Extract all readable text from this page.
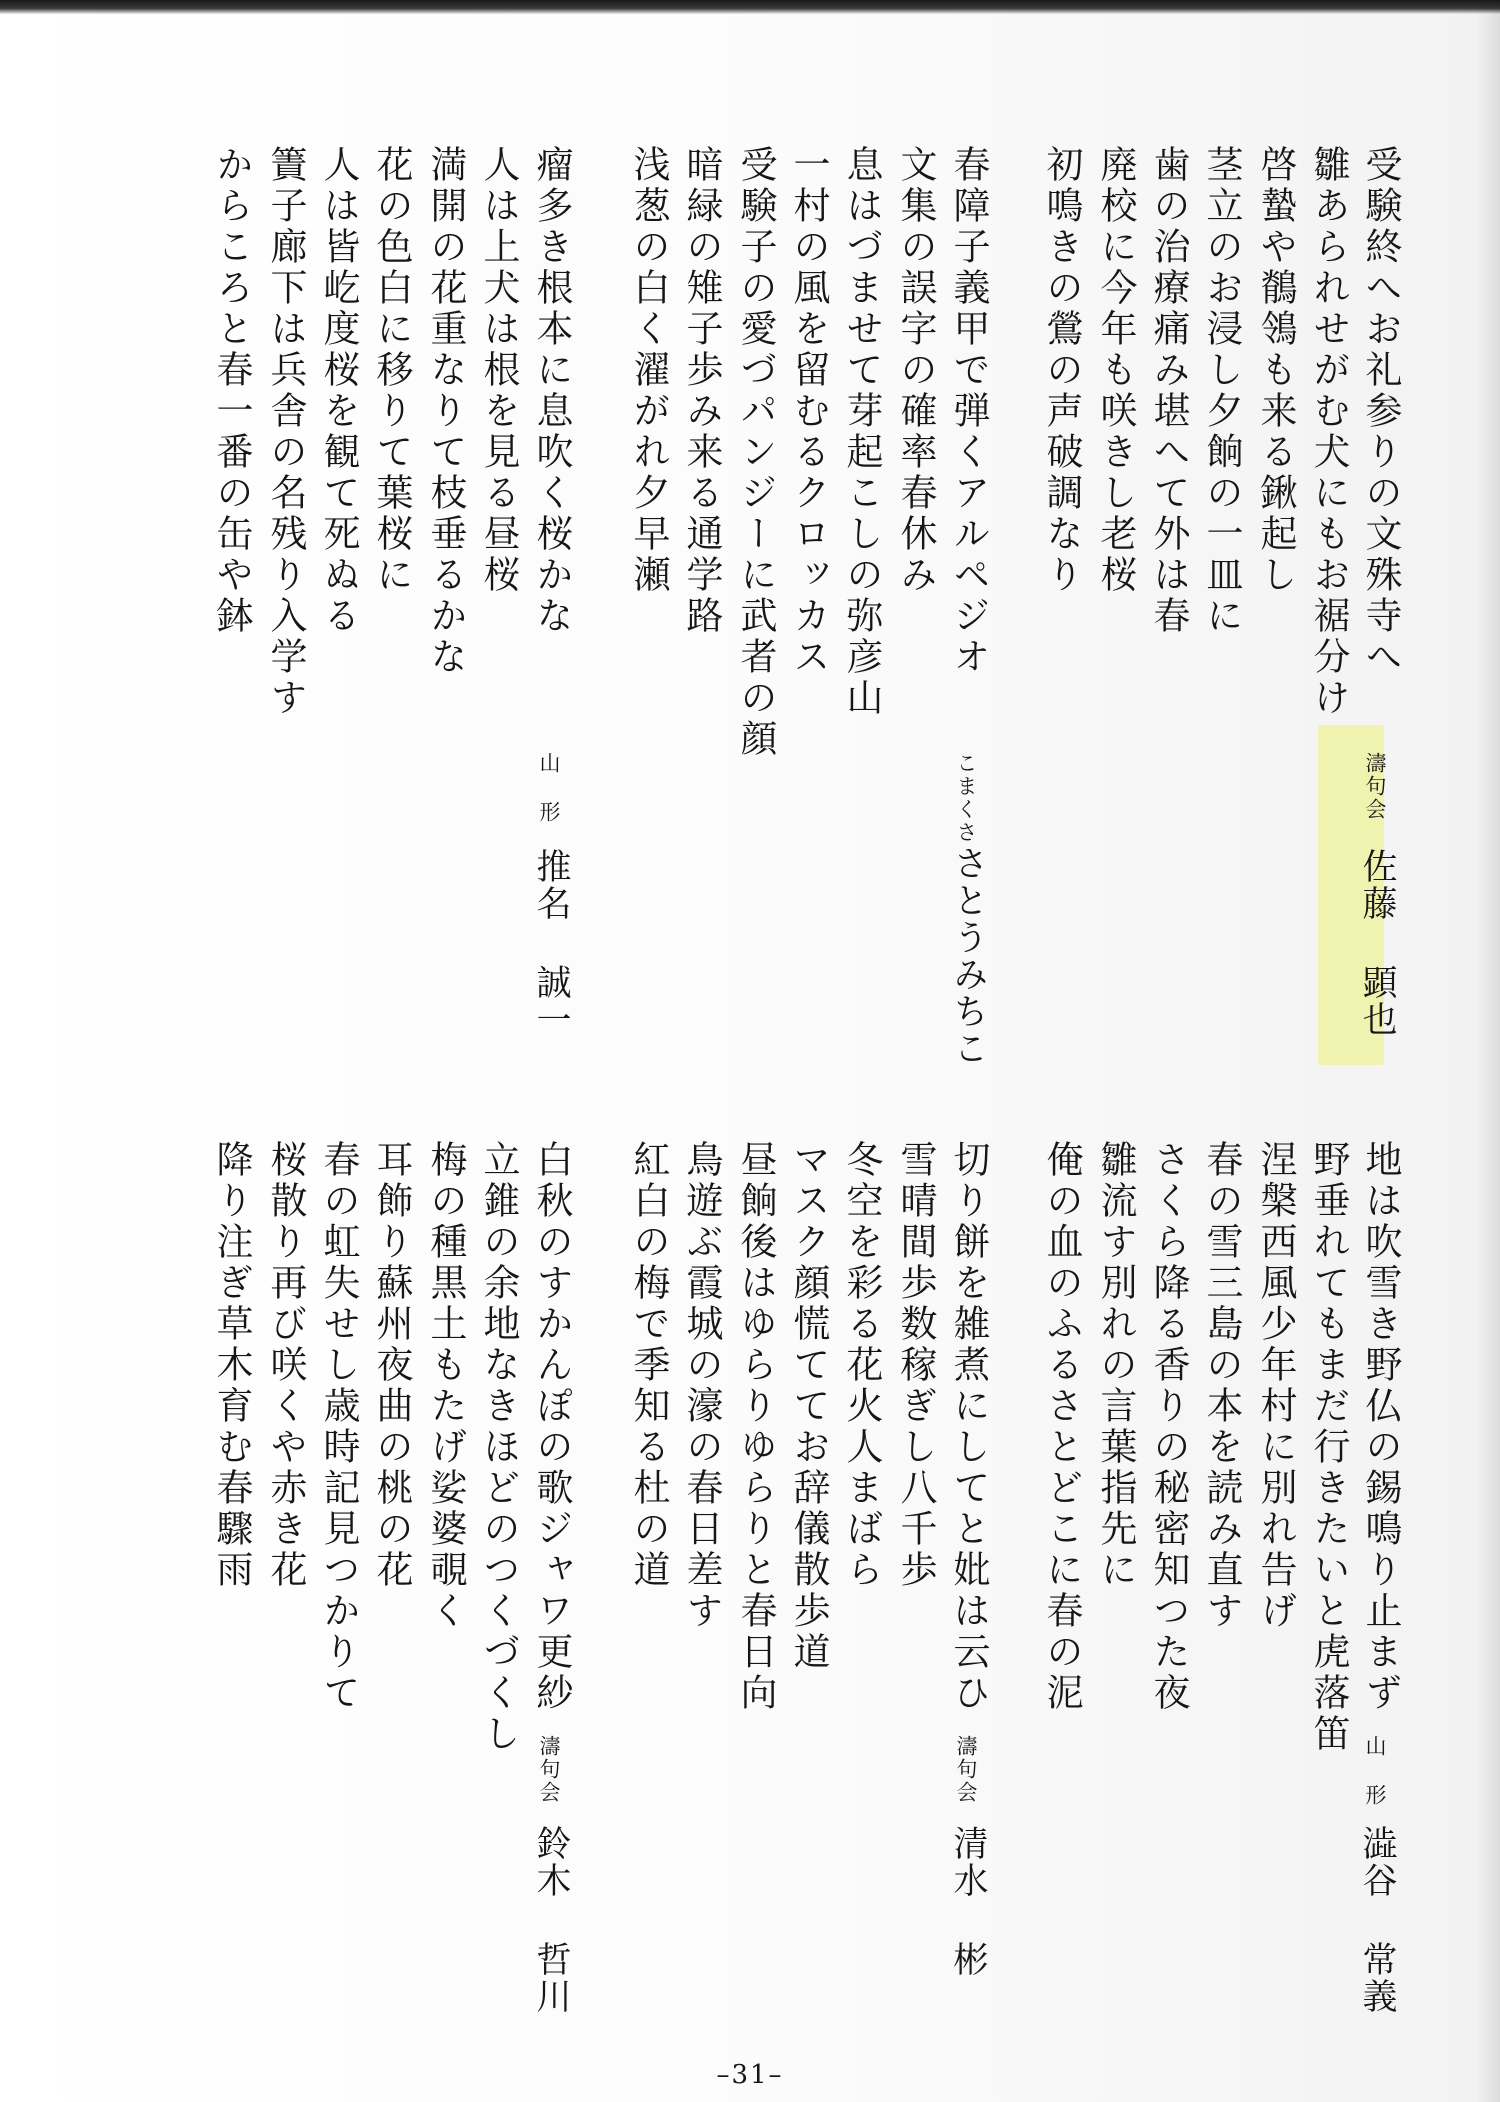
受験終へお礼参りの文殊寺へ
雛あられせがむ犬にもお裾分け
啓蟄や鶺鴒も来る鍬起し
茎立のお浸し夕餉の一皿に
歯の治療痛み堪へて外は春
廃校に今年も咲きし老桜
初鳴きの鶯の声破調なり
濤句会
佐藤顕也
春障子義甲で弾くアルペジオ
文集の誤字の確率春休み
息はづませて芽起こしの弥彦山
一村の風を留むるクロッカス
受験子の愛づパンジーに武者の顔
暗緑の雉子歩み来る通学路
浅葱の白く濯がれ夕早瀬
こまくさ
さとうみちこ
瘤多き根本に息吹く桜かな
人は上犬は根を見る昼桜
満開の花重なりて枝垂るかな
花の色白に移りて葉桜に
人は皆屹度桜を観て死ぬる
簀子廊下は兵舎の名残り入学す
からころと春一番の缶や鉢
山 形
推名誠一
地は吹雪き野仏の錫鳴り止まず
野垂れてもまだ行きたいと虎落笛
涅槃西風少年村に別れ告げ
春の雪三島の本を読み直す
さくら降る香りの秘密知つた夜
雛流す別れの言葉指先に
俺の血のふるさとどこに春の泥
山 形
澁谷常義
切り餅を雑煮にしてと妣は云ひ
雪晴間歩数稼ぎし八千歩
冬空を彩る花火人まばら
マスク顔慌ててお辞儀散歩道
昼餉後はゆらりゆらりと春日向
鳥遊ぶ霞城の濠の春日差す
紅白の梅で季知る杜の道
濤句会
清水彬
白秋のすかんぽの歌ジャワ更紗
立錐の余地なきほどのつくづくし
梅の種黒土もたげ娑婆覗く
耳飾り蘇州夜曲の桃の花
春の虹失せし歳時記見つかりて
桜散り再び咲くや赤き花
降り注ぎ草木育む春驟雨
濤句会
鈴木哲川
–31–
